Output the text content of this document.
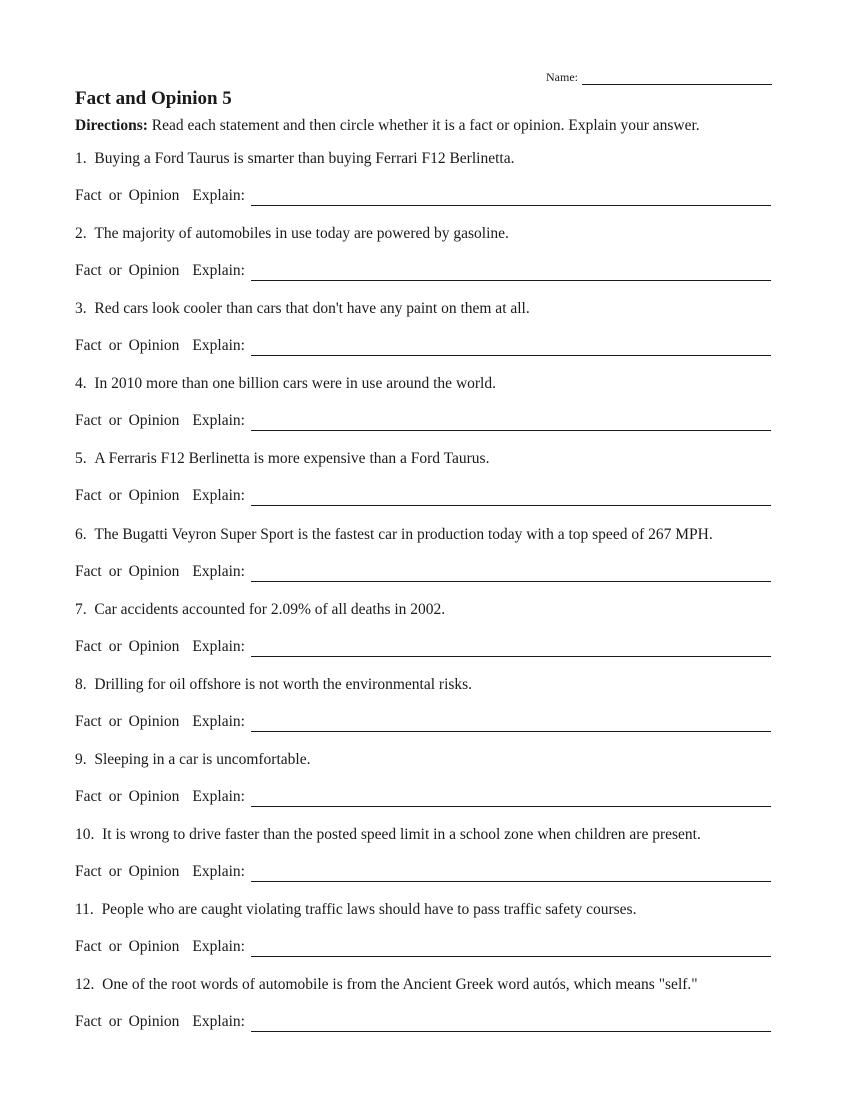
Name:
Fact and Opinion 5
Directions: Read each statement and then circle whether it is a fact or opinion. Explain your answer.
1. Buying a Ford Taurus is smarter than buying Ferrari F12 Berlinetta.
Fact or Opinion Explain:
2. The majority of automobiles in use today are powered by gasoline.
Fact or Opinion Explain:
3. Red cars look cooler than cars that don't have any paint on them at all.
Fact or Opinion Explain:
4. In 2010 more than one billion cars were in use around the world.
Fact or Opinion Explain:
5. A Ferraris F12 Berlinetta is more expensive than a Ford Taurus.
Fact or Opinion Explain:
6. The Bugatti Veyron Super Sport is the fastest car in production today with a top speed of 267 MPH.
Fact or Opinion Explain:
7. Car accidents accounted for 2.09% of all deaths in 2002.
Fact or Opinion Explain:
8. Drilling for oil offshore is not worth the environmental risks.
Fact or Opinion Explain:
9. Sleeping in a car is uncomfortable.
Fact or Opinion Explain:
10. It is wrong to drive faster than the posted speed limit in a school zone when children are present.
Fact or Opinion Explain:
11. People who are caught violating traffic laws should have to pass traffic safety courses.
Fact or Opinion Explain:
12. One of the root words of automobile is from the Ancient Greek word autós, which means "self."
Fact or Opinion Explain:
